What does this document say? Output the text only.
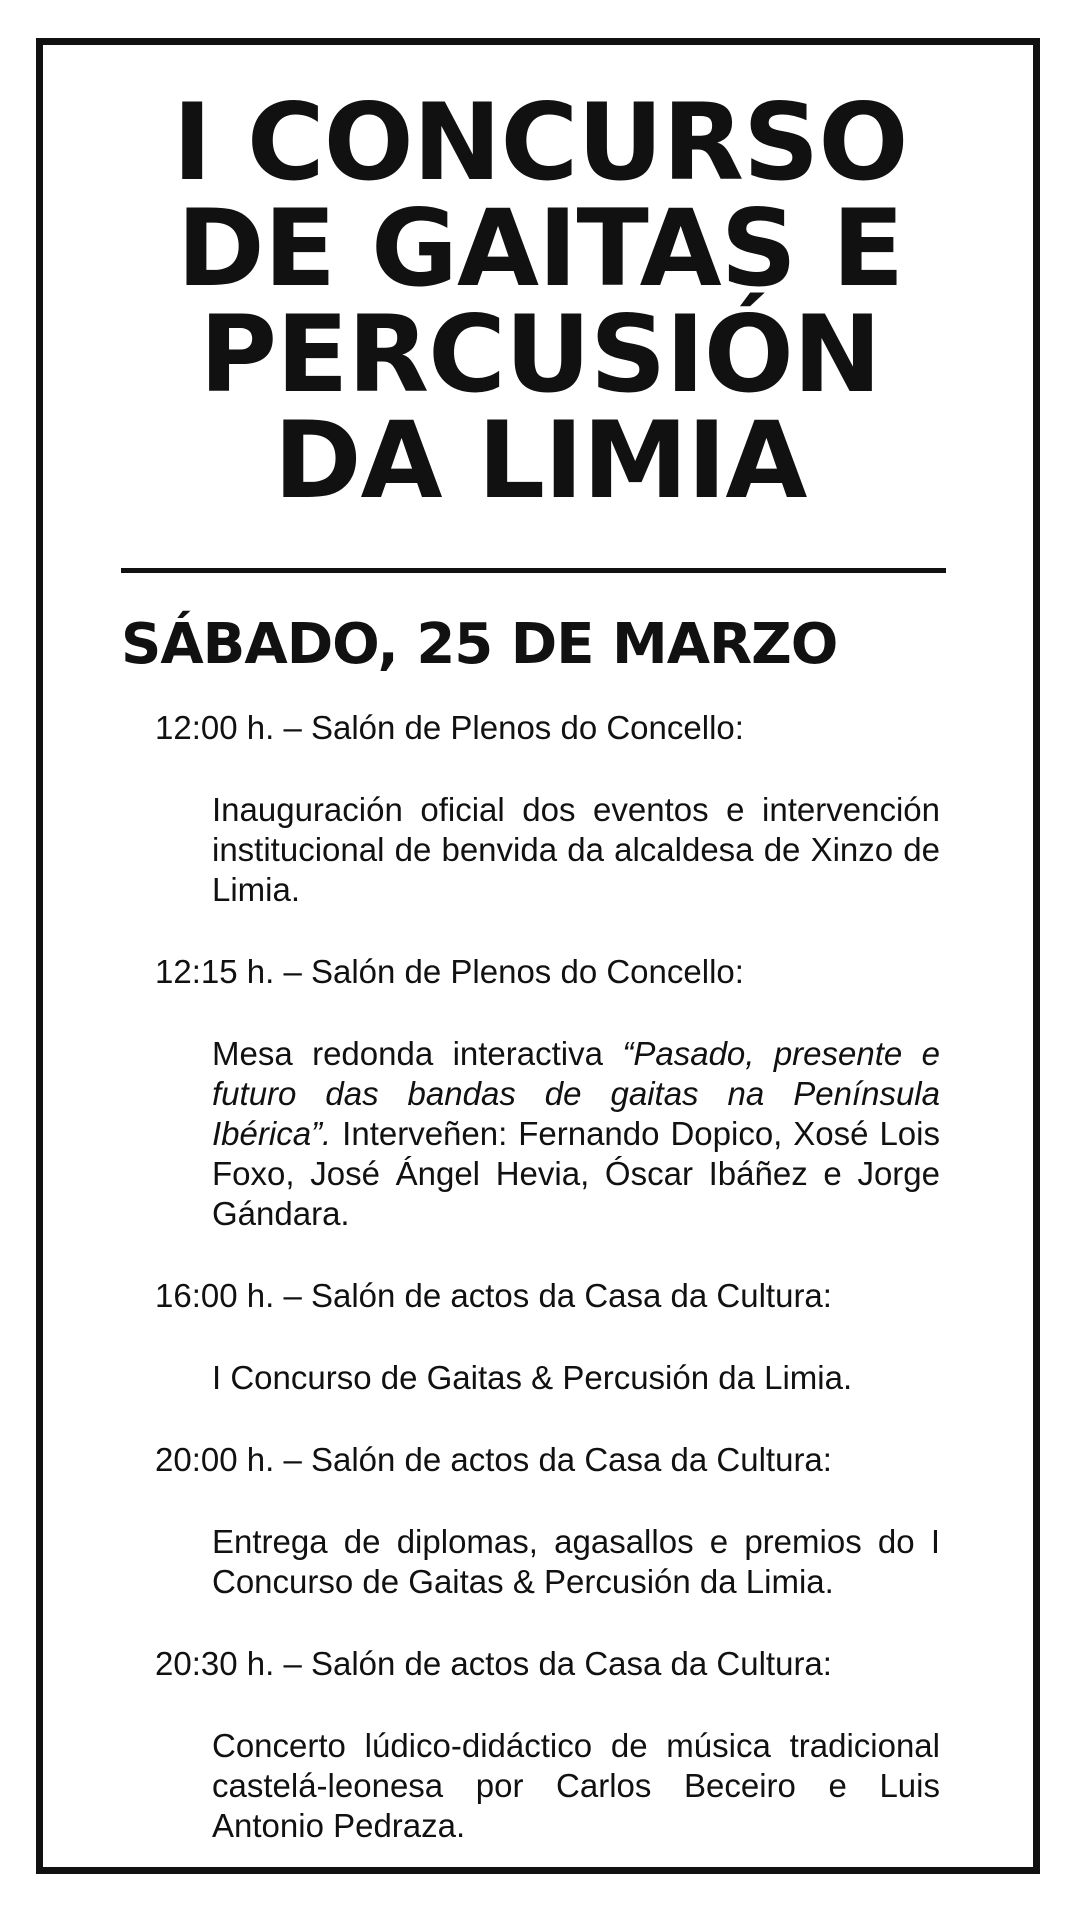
I CONCURSO
DE GAITAS E
PERCUSIÓN
DA LIMIA
SÁBADO, 25 DE MARZO

12:00 h. – Salón de Plenos do Concello:

Inauguración oficial dos eventos e intervención institucional de benvida da alcaldesa de Xinzo de Limia.

12:15 h. – Salón de Plenos do Concello:

Mesa redonda interactiva “Pasado, presente e futuro das bandas de gaitas na Península Ibérica”. Interveñen: Fernando Dopico, Xosé Lois Foxo, José Ángel Hevia, Óscar Ibáñez e Jorge Gándara.

16:00 h. – Salón de actos da Casa da Cultura:

I Concurso de Gaitas & Percusión da Limia.

20:00 h. – Salón de actos da Casa da Cultura:

Entrega de diplomas, agasallos e premios do I Concurso de Gaitas & Percusión da Limia.

20:30 h. – Salón de actos da Casa da Cultura:

Concerto lúdico-didáctico de música tradicional castelá-leonesa por Carlos Beceiro e Luis Antonio Pedraza.
